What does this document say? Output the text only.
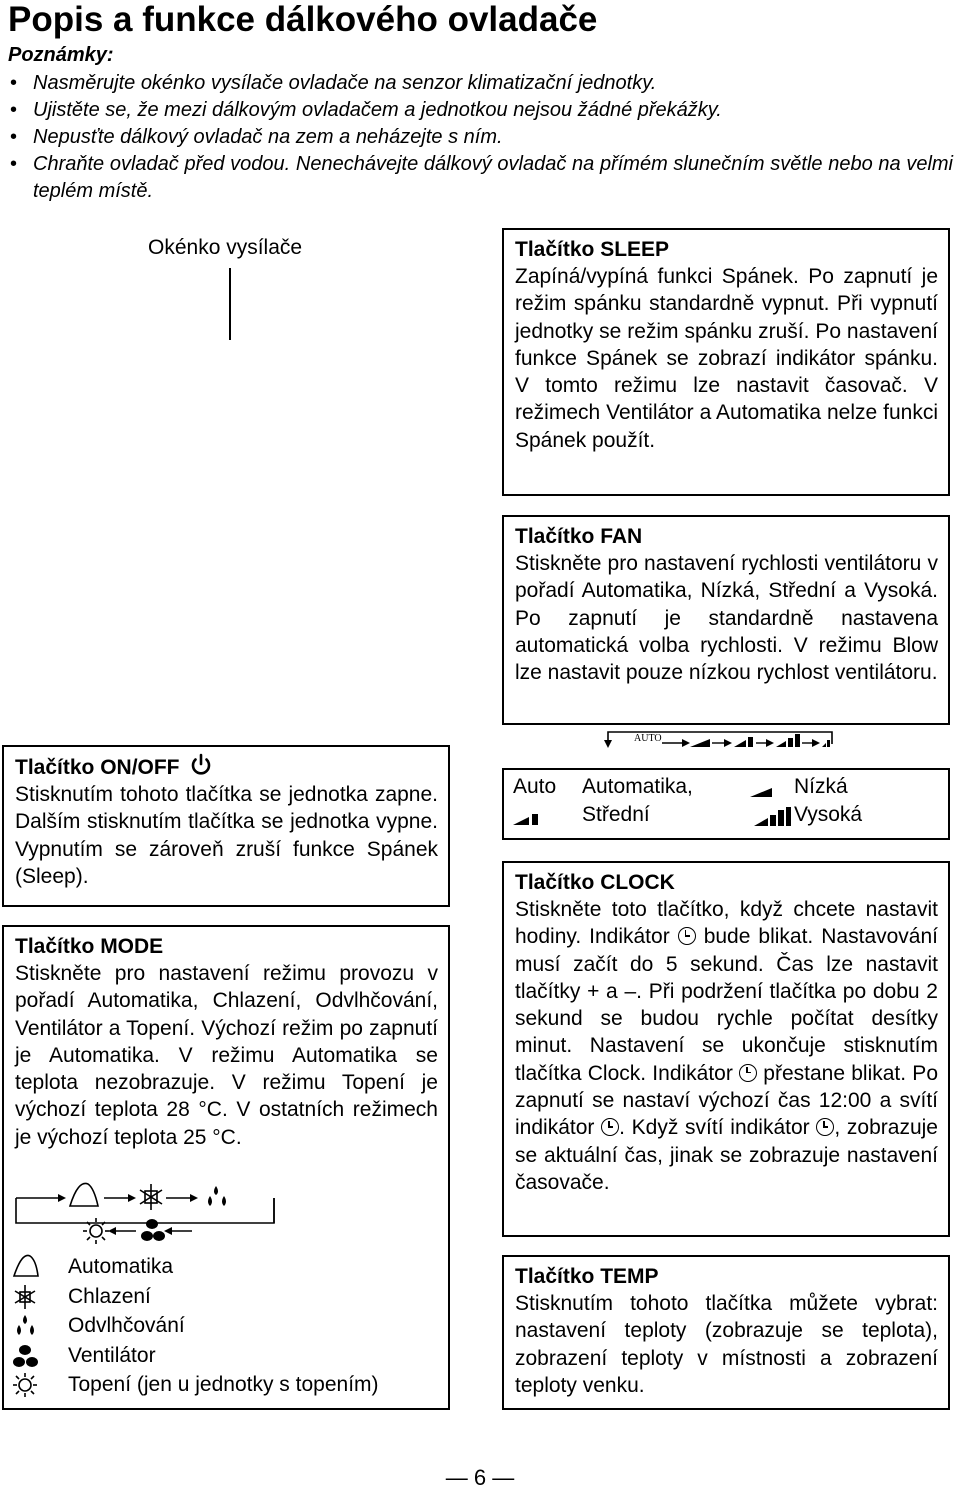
Popis a funkce dálkového ovladače
Poznámky:
• Nasměrujte okénko vysílače ovladače na senzor klimatizační jednotky.
• Ujistěte se, že mezi dálkovým ovladačem a jednotkou nejsou žádné překážky.
• Nepusťte dálkový ovladač na zem a neházejte s ním.
• Chraňte ovladač před vodou. Nenechávejte dálkový ovladač na přímém slunečním světle nebo na velmi teplém místě.
Okénko vysílače	Tlačítko SLEEP
Zapíná/vypíná funkci Spánek. Po zapnutí je režim spánku standardně vypnut. Při vypnutí jednotky se režim spánku zruší. Po nastavení funkce Spánek se zobrazí indikátor spánku. V tomto režimu lze nastavit časovač. V režimech Ventilátor a Automatika nelze funkci Spánek použít.
Tlačítko FAN
Stiskněte pro nastavení rychlosti ventilátoru v pořadí Automatika, Nízká, Střední a Vysoká. Po zapnutí je standardně nastavena automatická volba rychlosti. V režimu Blow lze nastavit pouze nízkou rychlost ventilátoru.
AUTO
Auto Automatika,	Nízká
Střední	Vysoká
Tlačítko CLOCK
Stiskněte toto tlačítko, když chcete nastavit hodiny. Indikátor bude blikat. Nastavování musí začít do 5 sekund. Čas lze nastavit tlačítky + a –. Při podržení tlačítka po dobu 2 sekund se budou rychle počítat desítky minut. Nastavení se ukončuje stisknutím tlačítka Clock. Indikátor přestane blikat. Po zapnutí se nastaví výchozí čas 12:00 a svítí indikátor . Když svítí indikátor , zobrazuje se aktuální čas, jinak se zobrazuje nastavení časovače.
Tlačítko TEMP
Stisknutím tohoto tlačítka můžete vybrat: nastavení teploty (zobrazuje se teplota), zobrazení teploty v místnosti a zobrazení teploty venku.
Tlačítko ON/OFF
Stisknutím tohoto tlačítka se jednotka zapne. Dalším stisknutím tlačítka se jednotka vypne. Vypnutím se zároveň zruší funkce Spánek (Sleep).
Tlačítko MODE
Stiskněte pro nastavení režimu provozu v pořadí Automatika, Chlazení, Odvlhčování, Ventilátor a Topení. Výchozí režim po zapnutí je Automatika. V režimu Automatika se teplota nezobrazuje. V režimu Topení je výchozí teplota 28 °C. V ostatních režimech je výchozí teplota 25 °C.
Automatika
Chlazení
Odvlhčování
Ventilátor
Topení (jen u jednotky s topením)
— 6 —
